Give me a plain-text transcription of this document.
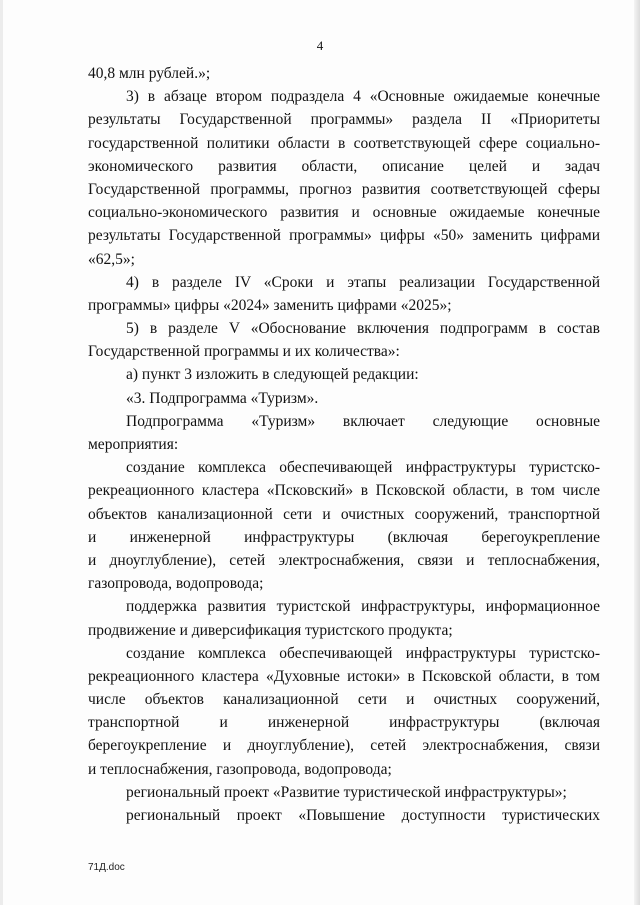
4
40,8 млн рублей.»;
3) в абзаце втором подраздела 4 «Основные ожидаемые конечные
результаты Государственной программы» раздела II «Приоритеты
государственной политики области в соответствующей сфере социально-
экономического развития области, описание целей и задач
Государственной программы, прогноз развития соответствующей сферы
социально-экономического развития и основные ожидаемые конечные
результаты Государственной программы» цифры «50» заменить цифрами
«62,5»;
4) в разделе IV «Сроки и этапы реализации Государственной
программы» цифры «2024» заменить цифрами «2025»;
5) в разделе V «Обоснование включения подпрограмм в состав
Государственной программы и их количества»:
а) пункт 3 изложить в следующей редакции:
«3. Подпрограмма «Туризм».
Подпрограмма «Туризм» включает следующие основные
мероприятия:
создание комплекса обеспечивающей инфраструктуры туристско-
рекреационного кластера «Псковский» в Псковской области, в том числе
объектов канализационной сети и очистных сооружений, транспортной
и инженерной инфраструктуры (включая берегоукрепление
и дноуглубление), сетей электроснабжения, связи и теплоснабжения,
газопровода, водопровода;
поддержка развития туристской инфраструктуры, информационное
продвижение и диверсификация туристского продукта;
создание комплекса обеспечивающей инфраструктуры туристско-
рекреационного кластера «Духовные истоки» в Псковской области, в том
числе объектов канализационной сети и очистных сооружений,
транспортной и инженерной инфраструктуры (включая
берегоукрепление и дноуглубление), сетей электроснабжения, связи
и теплоснабжения, газопровода, водопровода;
региональный проект «Развитие туристической инфраструктуры»;
региональный проект «Повышение доступности туристических
71Д.doc
